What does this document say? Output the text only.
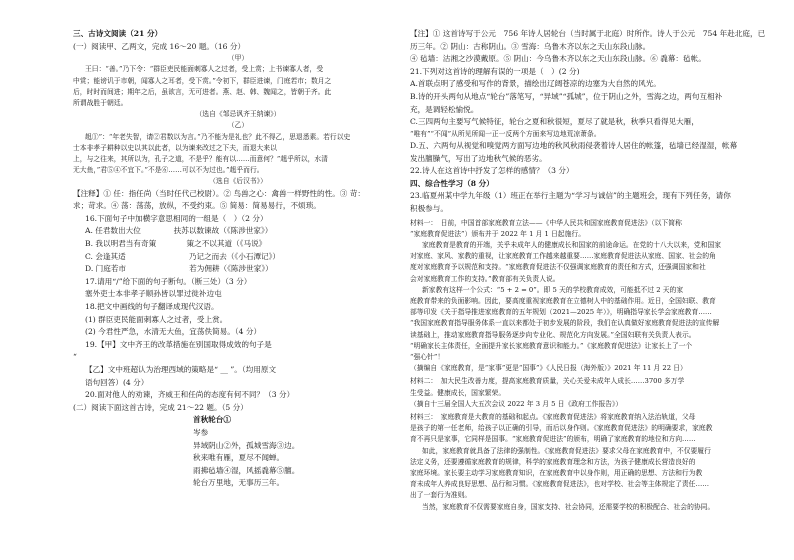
三、古诗文阅读（21 分）
(一）阅读甲、乙两文，完成 16～20 题。（16 分）
（甲）
王曰：“善。”乃下令：“群臣吏民能面刺寡人之过者，受上赏；上书谏寡人者，受
中赏；能谤讥于市朝，闻寡人之耳者，受下赏。”令初下，群臣进谏，门庭若市；数月之
后，时时而间进；期年之后，虽欲言，无可进者。燕、赵、韩、魏闻之，皆朝于齐。此
所谓战胜于朝廷。
（选自《邹忌讽齐王纳谏》）
（乙）
趄①”：“年老失智，请②君数以为言。”乃不能为是礼也？此不得乙，思退悉素。若行以史
士本非孝子耕种以史以其以此者，以为谏来改过之下夫，而退大来以
上，与之往来，其所以为，孔子之道，不是乎？能有以……而意何？”趄乎所以，水清
无大鱼，”君⑤④不宜下。”不是⑥……可以不为过也。”趄乎而行。
（选自《后汉书》）
【注释】① 任：指任尚（当时任代己校尉）。② 鸟兽之心：禽兽一样野性的性。③ 苛：
求；苛求。④ 荡：荡荡，放纵，不受约束。⑤ 简易：简易易行，不烦琐。
16.下面句子中加横字意思相同的一组是（　）（2 分）
A. 任君数出大位　　　　 扶苏以数谏故（《陈涉世家》）
B. 我以明君当有奇策　　　　策之不以其道（《马说》
C. 会逢其适　　　　　　　　 乃记之而去（《小石潭记》）
D. 门庭若市　　　　　　　　 若为佣耕（《陈涉世家》）
17.请用“/”给下面的句子断句。（断三处）（3 分）
塞外吏士本非孝子顺孙皆以罪过徙补边屯
18.把文中画线的句子翻译成现代汉语。
(1) 群臣吏民能面刺寡人之过者，受上赏。
(2) 今君性严急，水清无大鱼，宜荡佚简易。（4 分）
19.【甲】文中齐王的改革措施在别国取得成效的句子是
“
【乙】文中班超认为治理西域的策略是“ __ ”。（均用原文
语句回答）(4 分）
20.面对他人的劝谏，齐威王和任尚的态度有何不同？（3 分）
(二）阅读下面这首古诗，完成 21～22 题。（5 分）
首秋轮台①
岑参
异域阴山②外，孤城雪海③边。
秋来唯有雁，夏尽不闻蝉。
雨拂毡墙④湿，风摇毳幕⑤膻。
轮台万里地，无事历三年。
【注】① 这首诗写于公元　756 年诗人居轮台（当时属于北庭）时所作。诗人于公元　754 年赴北庭，已
历三年。② 阴山：古称阴山。③ 雪海：乌鲁木齐以东之天山东段山脉。
④ 毡墙：沽湘之沙漠戴原。⑤ 阴山：今乌鲁木齐以东之天山东段山脉。⑥ 毳幕：毡帐。
21.下列对这首诗的理解有误的一项是（　）(2 分)
A.首联点明了感受和写作的背景，描绘出辽阔苍凉的边塞为大自然的风光。
B.诗的开头两句从地点“轮台”落笔写，“异域”“孤城”，位于阴山之外，雪海之边，两句互相补
充，是调轻松愉悦。
C.三四两句主要写气候特征，轮台之夏和秋很短，夏尽了就是秋，秋季只看得见大雁，
“唯有”“不闻”从所见所闻一正一反两个方面来写边地荒凉萧条。
D.五、六两句从视觉和嗅觉两方面写边地的秋风秋雨侵袭着诗人居住的帐篷，毡墙已经湿湿，帐幕
发出膻臊气，写出了边地秋气候的恶劣。
22.诗人在这首诗中抒发了怎样的感情？（3 分）
四、综合性学习（8 分）
23.临夏州某中学九年级（1）班正在举行主题为“学习与诚信”的主题班会，现有下列任务，请你
积极参与。
材料一：　日前，中国首部家庭教育立法——《中华人民共和国家庭教育促进法》（以下简称
“家庭教育促进法”）颁布并于 2022 年 1 月 1 日起施行。
家庭教育是教育的开端，关乎未成年人的健康成长和国家的前途命运。在党的十八大以来，党和国家
对家庭、家风、家教的重视，让家庭教育工作越来越重要……家庭教育促进法从家庭、国家、社会的角
度对家庭教育予以规范和支持。“家庭教育促进法不仅强调家庭教育的责任和方式，还强调国家和社
会对家庭教育工作的支持。”教育部有关负责人说。
新家教有这样一个公式：“5 + 2 = 0”。即 5 天的学校教育成效，可能抵不过 2 天的家
庭教育带来的负面影响。因此，要高度重视家庭教育在立德树人中的基础作用。近日，全国妇联、教育
部等印发《关于指导推进家庭教育的五年规划（2021—2025 年）》，明确指导家长学会家庭教育……
“我国家庭教育指导服务体系一直以来都处于初步发展的阶段，我们在认真做好家庭教育促进法的宣传解
读基础上，推动家庭教育指导服务逐步向专业化、规范化方向发展。”全国妇联有关负责人表示。
“明确家长主体责任，全面提升家长家庭教育意识和能力。”《家庭教育促进法》让家长上了一个
“强心针”！
（摘编自《家庭教育，是“家事”更是“国事”》《人民日报（海外版）》2021 年 11 月 22 日）
材料二：　加大民生改善力度，提高家庭教育质量，关心关爱未成年人成长……3700 多万学
生受益。健康成长，国家繁荣。
（摘自十三届全国人大五次会议 2022 年 3 月 5 日《政府工作报告》）
材料三：　家庭教育是大教育的基础和起点。《家庭教育促进法》将家庭教育纳入法治轨道，父母
是孩子的第一任老师，给孩子以正确的引导，而后以身作则。《家庭教育促进法》的明确要求，家庭教
育不再只是家事，它同样是国事。“家庭教育促进法”的颁布，明确了家庭教育的地位和方向……
如此，家庭教育就具备了法律的强制性。《家庭教育促进法》要求父母在家庭教育中，不仅要履行
法定义务，还要遵循家庭教育的规律，科学的家庭教育理念和方法，为孩子健康成长营造良好的
家庭环境。家长要主动学习家庭教育知识，在家庭教育中以身作则，用正确的思想、方法和行为教
育未成年人养成良好思想、品行和习惯。《家庭教育促进法》，也对学校、社会等主体规定了责任……
出了一套行为准则。
当然，家庭教育不仅需要家庭自身，国家支持、社会协同，还需要学校的积极配合、社会的协同。
